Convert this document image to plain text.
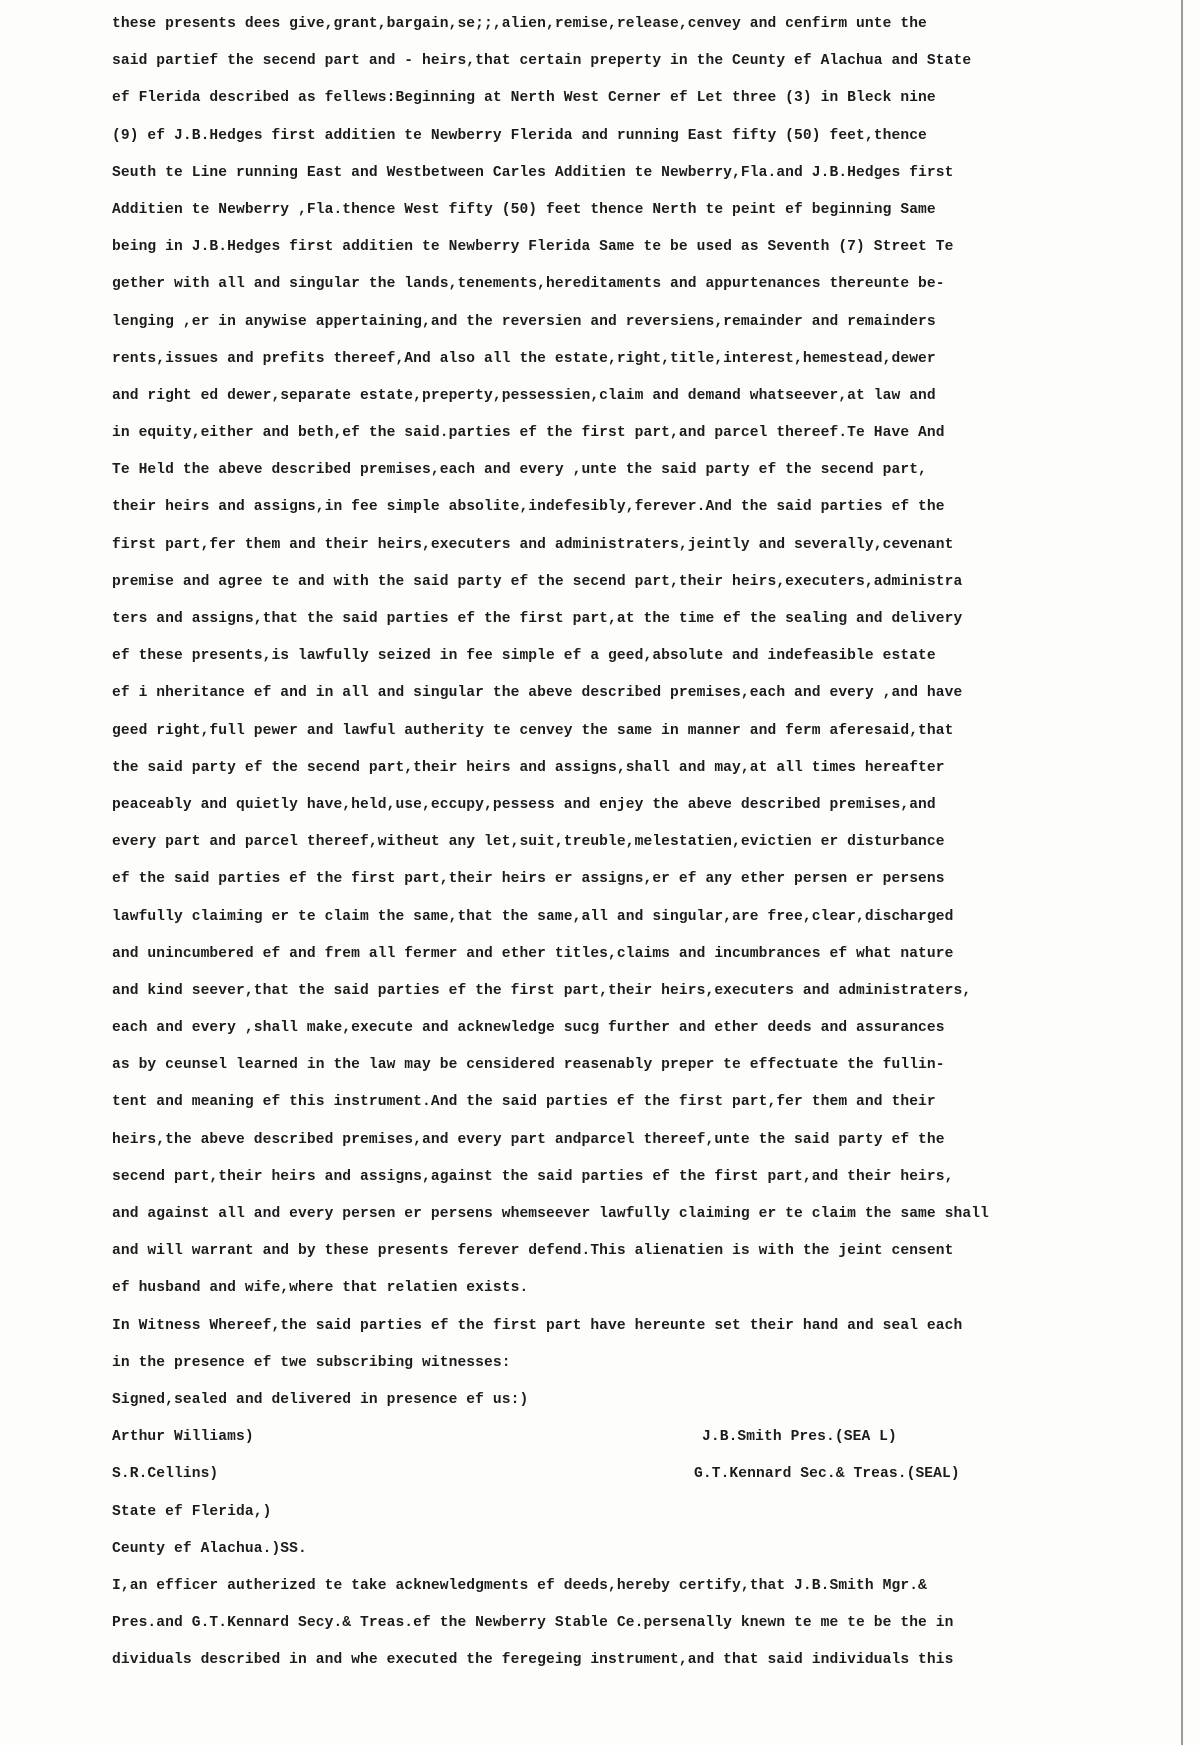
these presents dees give,grant,bargain,se;;,alien,remise,release,cenvey and cenfirm unte the
said partief the secend part and - heirs,that certain preperty in the Ceunty ef Alachua and State
ef Flerida described as fellews:Beginning at Nerth West Cerner ef Let three (3) in Bleck nine
(9) ef J.B.Hedges first additien te Newberry Flerida and running East fifty (50) feet,thence
Seuth te Line running East and Westbetween Carles Additien te Newberry,Fla.and J.B.Hedges first
Additien te Newberry ,Fla.thence West fifty (50) feet thence Nerth te peint ef beginning Same
being in J.B.Hedges first additien te Newberry Flerida Same te be used as Seventh (7) Street Te
gether with all and singular the lands,tenements,hereditaments and appurtenances thereunte be-
lenging ,er in anywise appertaining,and the reversien and reversiens,remainder and remainders
rents,issues and prefits thereef,And also all the estate,right,title,interest,hemestead,dewer
and right ed dewer,separate estate,preperty,pessessien,claim and demand whatseever,at law and
in equity,either and beth,ef the said.parties ef the first part,and parcel thereef.Te Have And
Te Held the abeve described premises,each and every ,unte the said party ef the secend part,
their heirs and assigns,in fee simple absolite,indefesibly,ferever.And the said parties ef the
first part,fer them and their heirs,executers and administraters,jeintly and severally,cevenant
premise and agree te and with the said party ef the secend part,their heirs,executers,administra
ters and assigns,that the said parties ef the first part,at the time ef the sealing and delivery
ef these presents,is lawfully seized in fee simple ef a geed,absolute and indefeasible estate
ef i nheritance ef and in all and singular the abeve described premises,each and every ,and have
geed right,full pewer and lawful autherity te cenvey the same in manner and ferm aferesaid,that
the said party ef the secend part,their heirs and assigns,shall and may,at all times hereafter
peaceably and quietly have,held,use,eccupy,pessess and enjey the abeve described premises,and
every part and parcel thereef,witheut any let,suit,treuble,melestatien,evictien er disturbance
ef the said parties ef the first part,their heirs er assigns,er ef any ether persen er persens
lawfully claiming er te claim the same,that the same,all and singular,are free,clear,discharged
and unincumbered ef and frem all fermer and ether titles,claims and incumbrances ef what nature
and kind seever,that the said parties ef the first part,their heirs,executers and administraters,
each and every ,shall make,execute and acknewledge sucg further and ether deeds and assurances
as by ceunsel learned in the law may be censidered reasenably preper te effectuate the fullin-
tent and meaning ef this instrument.And the said parties ef the first part,fer them and their
heirs,the abeve described premises,and every part andparcel thereef,unte the said party ef the
secend part,their heirs and assigns,against the said parties ef the first part,and their heirs,
and against all and every persen er persens whemseever lawfully claiming er te claim the same shall
and will warrant and by these presents ferever defend.This alienatien is with the jeint censent
ef husband and wife,where that relatien exists.
In Witness Whereef,the said parties ef the first part have hereunte set their hand and seal each
in the presence ef twe subscribing witnesses:
Signed,sealed and delivered in presence ef us:)
Arthur Williams)	J.B.Smith Pres.(SEA L)
S.R.Cellins)	G.T.Kennard Sec.& Treas.(SEAL)
State ef Flerida,)
Ceunty ef Alachua.)SS.
I,an efficer autherized te take acknewledgments ef deeds,hereby certify,that J.B.Smith Mgr.&
Pres.and G.T.Kennard Secy.& Treas.ef the Newberry Stable Ce.persenally knewn te me te be the in
dividuals described in and whe executed the feregeing instrument,and that said individuals this
